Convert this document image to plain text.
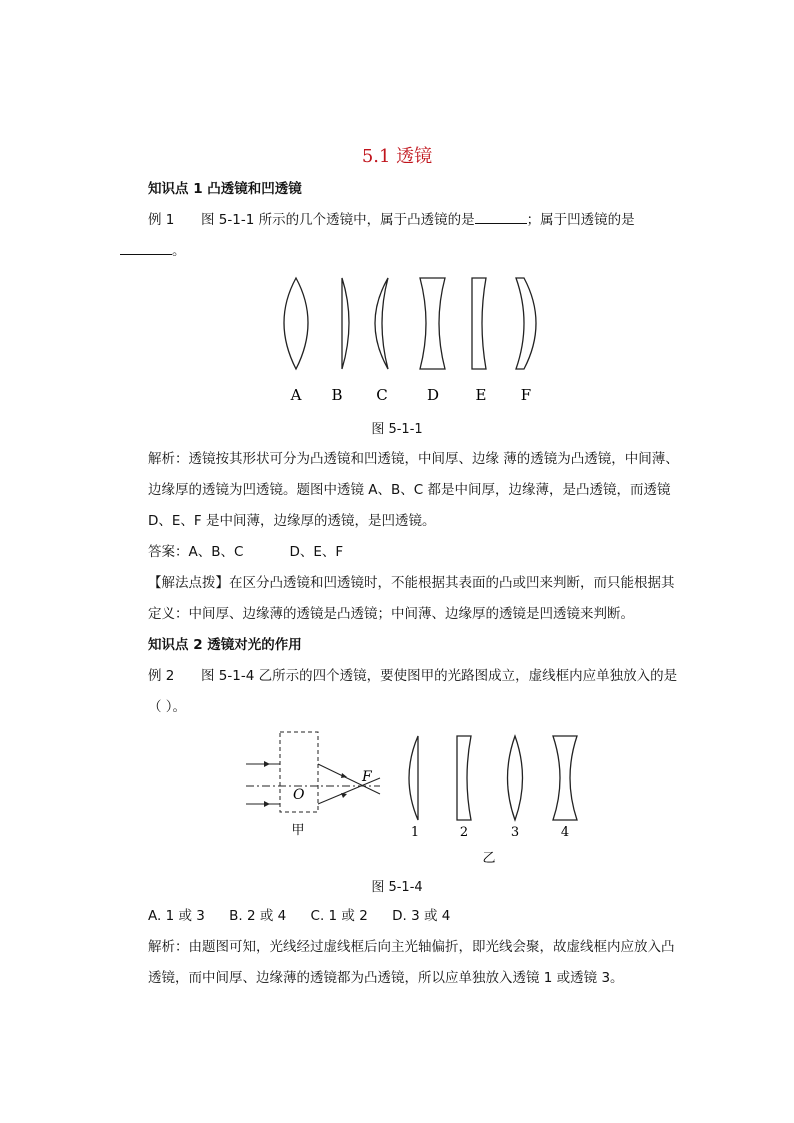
5.1 透镜
知识点 1 凸透镜和凹透镜
例 1 图 5-1-1 所示的几个透镜中，属于凸透镜的是	；属于凹透镜的是
。
A B C	D E F
图 5-1-1
解析：透镜按其形状可分为凸透镜和凹透镜，中间厚、边缘 薄的透镜为凸透镜，中间薄、边缘厚的透镜为凹透镜。题图中透镜 A、B、C 都是中间厚，边缘薄，是凸透镜，而透镜 D、E、F 是中间薄，边缘厚的透镜，是凹透镜。
答案：A、B、C	D、E、F
【解法点拨】在区分凸透镜和凹透镜时，不能根据其表面的凸或凹来判断，而只能根据其定义：中间厚、边缘薄的透镜是凸透镜；中间薄、边缘厚的透镜是凹透镜来判断。
知识点 2 透镜对光的作用
例 2 图 5-1-4 乙所示的四个透镜，要使图甲的光路图成立，虚线框内应单独放入的是（ ）。
O
F
甲	1	2	3	4
乙
图 5-1-4
A. 1 或 3 B. 2 或 4 C. 1 或 2 D. 3 或 4
解析：由题图可知，光线经过虚线框后向主光轴偏折，即光线会聚，故虚线框内应放入凸透镜，而中间厚、边缘薄的透镜都为凸透镜，所以应单独放入透镜 1 或透镜 3。
